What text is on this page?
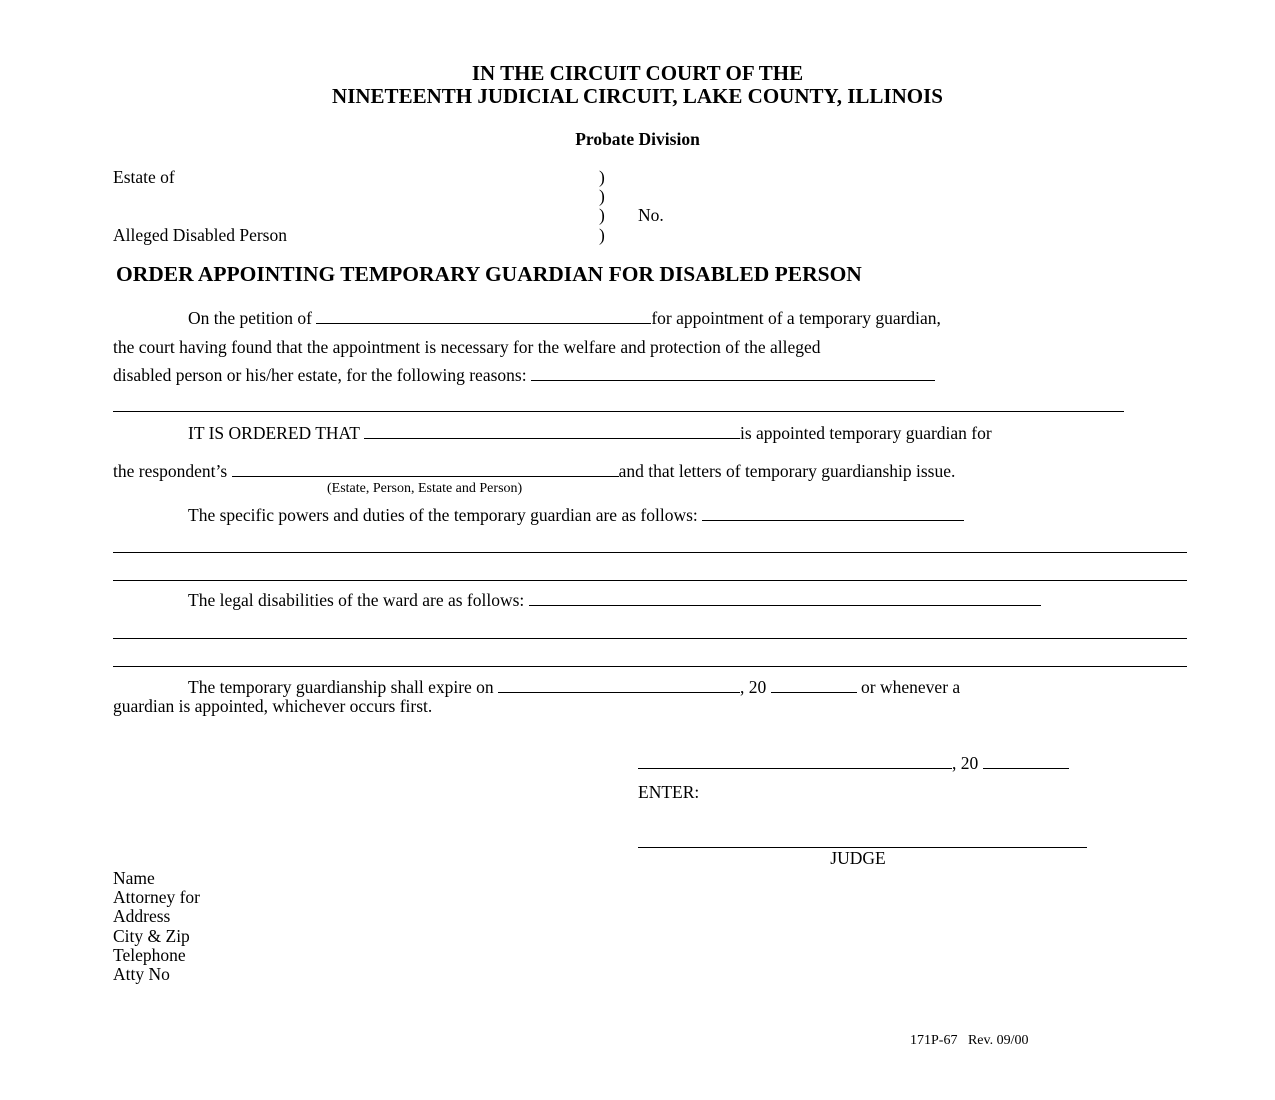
IN THE CIRCUIT COURT OF THE
NINETEENTH JUDICIAL CIRCUIT, LAKE COUNTY, ILLINOIS
Probate Division
Estate of
Alleged Disabled Person
)
)
)
)
No.
ORDER APPOINTING TEMPORARY GUARDIAN FOR DISABLED PERSON
On the petition of	for appointment of a temporary guardian,
the court having found that the appointment is necessary for the welfare and protection of the alleged
disabled person or his/her estate, for the following reasons:
IT IS ORDERED THAT	is appointed temporary guardian for
the respondent’s	and that letters of temporary guardianship issue.
(Estate, Person, Estate and Person)
The specific powers and duties of the temporary guardian are as follows:
The legal disabilities of the ward are as follows:
The temporary guardianship shall expire on	, 20	or whenever a
guardian is appointed, whichever occurs first.
, 20
ENTER:
JUDGE
Name
Attorney for
Address
City & Zip
Telephone
Atty No
171P-67   Rev. 09/00
